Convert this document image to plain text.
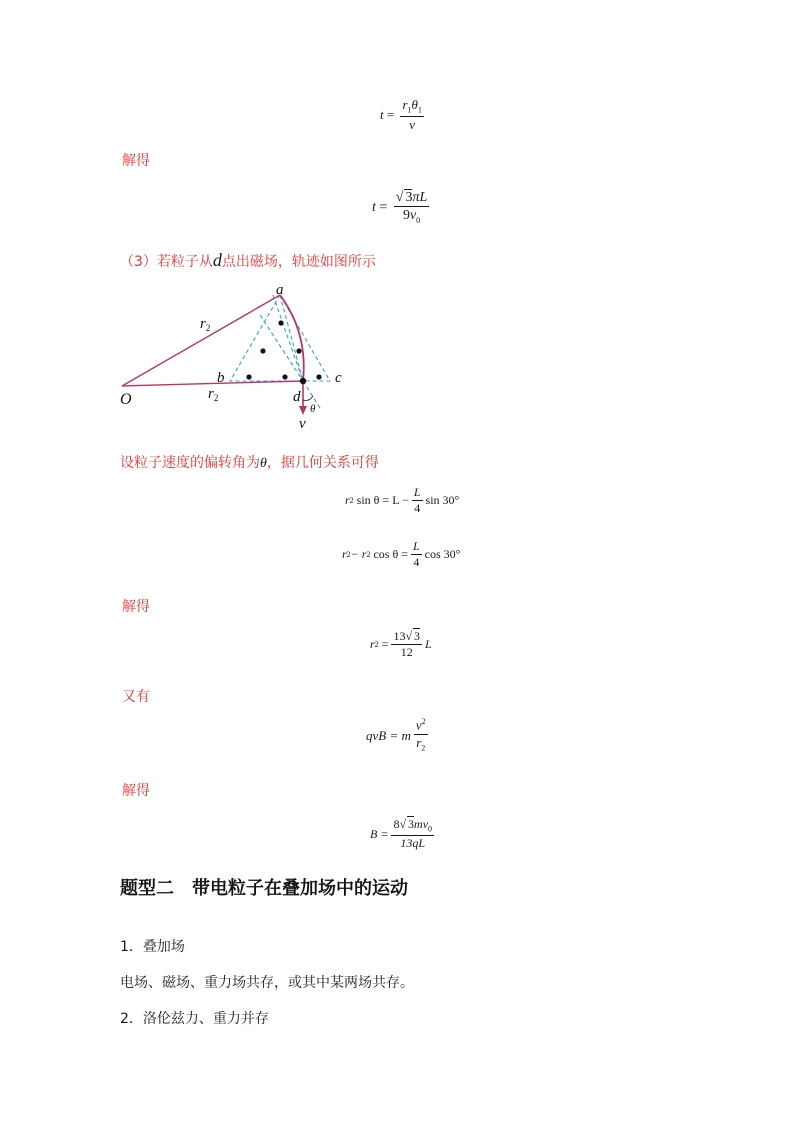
$t = \frac{r_1\theta_1}{v}$
解得
$t = \frac{√ 3\pi L}{9v_0}$
（3）若粒子从d点出磁场，轨迹如图所示
a
b	c
d
O
$r_2$
$r_2$
v
θ
设粒子速度的偏转角为θ，据几何关系可得
r 2
$\sin \theta = L - \frac{L}{4}$ sin 30°
r 2 − r 2
$\cos \theta = \frac{L}{4}$ cos 30°
解得
r 2
= $\frac{13√ 3}{12}$ L
又有
qvB = m $\frac{v^2}{r_2}$
解得
$B = \frac{8√ 3mv_0}{13qL}$
题型二　带电粒子在叠加场中的运动
1．叠加场
电场、磁场、重力场共存，或其中某两场共存。
2．洛伦兹力、重力并存
